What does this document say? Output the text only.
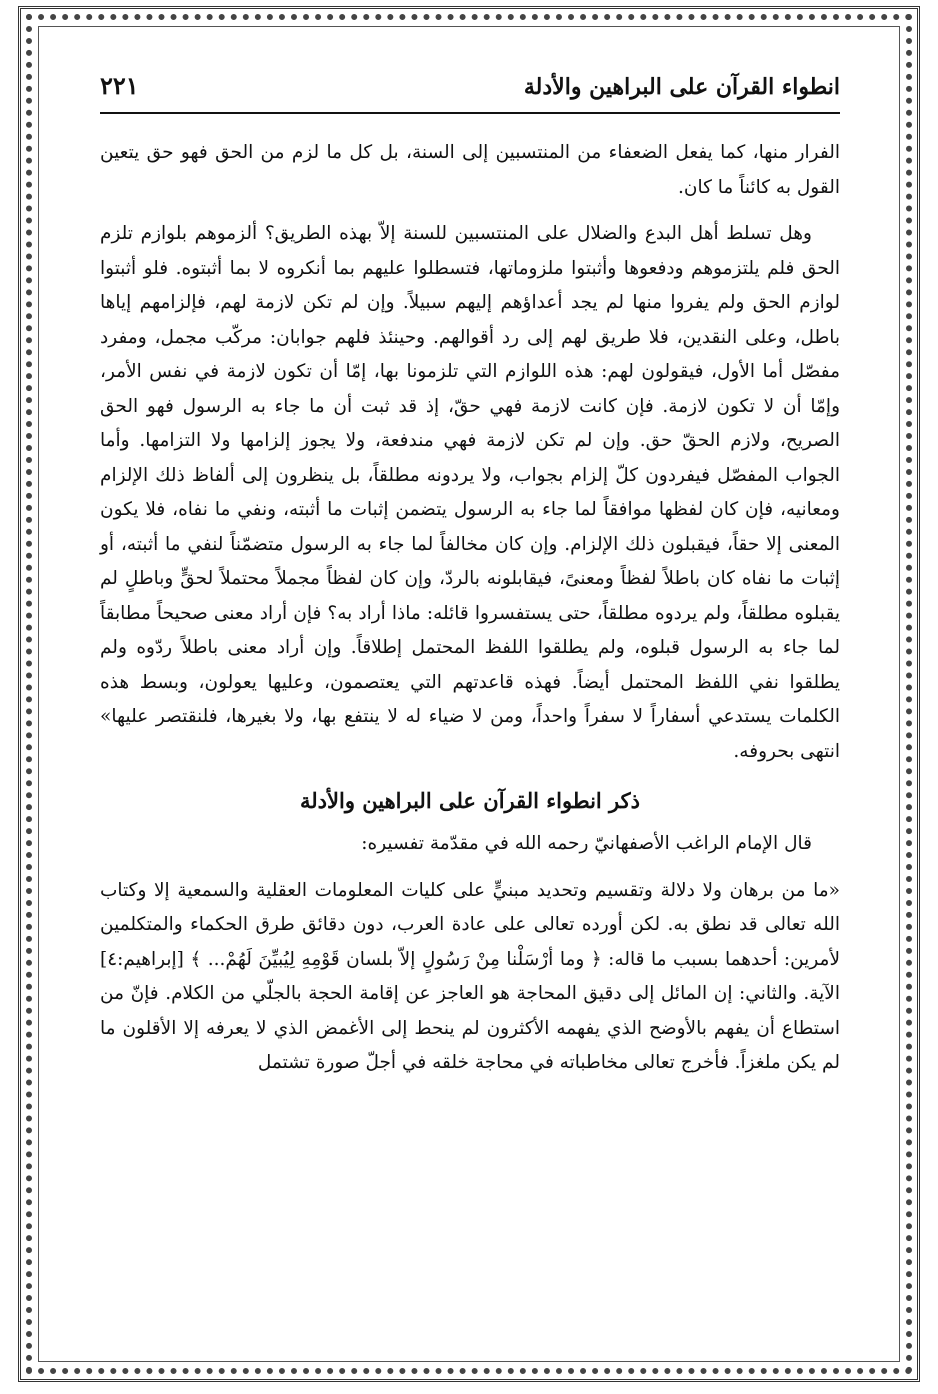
انطواء القرآن على البراهين والأدلة
٢٢١

الفرار منها، كما يفعل الضعفاء من المنتسبين إلى السنة، بل كل ما لزم من الحق فهو حق يتعين القول به كائناً ما كان.

وهل تسلط أهل البدع والضلال على المنتسبين للسنة إلاّ بهذه الطريق؟ ألزموهم بلوازم تلزم الحق فلم يلتزموهم ودفعوها وأثبتوا ملزوماتها، فتسطلوا عليهم بما أنكروه لا بما أثبتوه. فلو أثبتوا لوازم الحق ولم يفروا منها لم يجد أعداؤهم إليهم سبيلاً. وإن لم تكن لازمة لهم، فإلزامهم إياها باطل، وعلى النقدين، فلا طريق لهم إلى رد أقوالهم. وحينئذ فلهم جوابان: مركّب مجمل، ومفرد مفصّل أما الأول، فيقولون لهم: هذه اللوازم التي تلزمونا بها، إمّا أن تكون لازمة في نفس الأمر، وإمّا أن لا تكون لازمة. فإن كانت لازمة فهي حقّ، إذ قد ثبت أن ما جاء به الرسول فهو الحق الصريح، ولازم الحقّ حق. وإن لم تكن لازمة فهي مندفعة، ولا يجوز إلزامها ولا التزامها. وأما الجواب المفصّل فيفردون كلّ إلزام بجواب، ولا يردونه مطلقاً، بل ينظرون إلى ألفاظ ذلك الإلزام ومعانيه، فإن كان لفظها موافقاً لما جاء به الرسول يتضمن إثبات ما أثبته، ونفي ما نفاه، فلا يكون المعنى إلا حقاً، فيقبلون ذلك الإلزام. وإن كان مخالفاً لما جاء به الرسول متضمّناً لنفي ما أثبته، أو إثبات ما نفاه كان باطلاً لفظاً ومعنىً، فيقابلونه بالردّ، وإن كان لفظاً مجملاً محتملاً لحقٍّ وباطلٍ لم يقبلوه مطلقاً، ولم يردوه مطلقاً، حتى يستفسروا قائله: ماذا أراد به؟ فإن أراد معنى صحيحاً مطابقاً لما جاء به الرسول قبلوه، ولم يطلقوا اللفظ المحتمل إطلاقاً. وإن أراد معنى باطلاً ردّوه ولم يطلقوا نفي اللفظ المحتمل أيضاً. فهذه قاعدتهم التي يعتصمون، وعليها يعولون، وبسط هذه الكلمات يستدعي أسفاراً لا سفراً واحداً، ومن لا ضياء له لا ينتفع بها، ولا بغيرها، فلنقتصر عليها» انتهى بحروفه.

ذكر انطواء القرآن على البراهين والأدلة

قال الإمام الراغب الأصفهانيّ رحمه الله في مقدّمة تفسيره:

«ما من برهان ولا دلالة وتقسيم وتحديد مبنيٍّ على كليات المعلومات العقلية والسمعية إلا وكتاب الله تعالى قد نطق به. لكن أورده تعالى على عادة العرب، دون دقائق طرق الحكماء والمتكلمين لأمرين: أحدهما بسبب ما قاله: ﴿ وما أرْسَلْنا مِنْ رَسُولٍ إلاّ بلسان قَوْمِهِ لِيُبيِّنَ لَهُمْ... ﴾ [إبراهيم:٤] الآية. والثاني: إن المائل إلى دقيق المحاجة هو العاجز عن إقامة الحجة بالجلّي من الكلام. فإنّ من استطاع أن يفهم بالأوضح الذي يفهمه الأكثرون لم ينحط إلى الأغمض الذي لا يعرفه إلا الأقلون ما لم يكن ملغزاً. فأخرج تعالى مخاطباته في محاجة خلقه في أجلّ صورة تشتمل
